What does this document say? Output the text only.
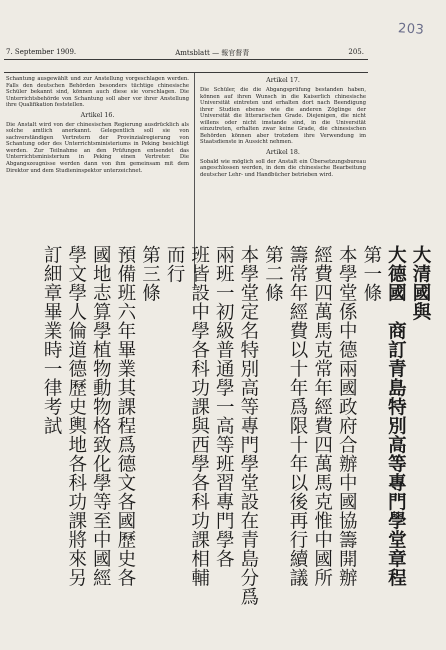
203
7. September 1909.	Amtsblatt — 報官督青	205.

Schantung ausgewählt und zur Anstellung vorgeschlagen werden. Falls den deutschen Behörden besonders tüchtige chinesische Schüler bekannt sind, können auch diese sie vorschlagen. Die Unterrichtsbehörde von Schantung soll aber vor ihrer Anstellung ihre Qualifikation feststellen.

Artikel 16.

Die Anstalt wird von der chinesischen Regierung ausdrücklich als solche amtlich anerkannt. Gelegentlich soll sie von sachverständigen Vertretern der Provinzialregierung von Schantung oder des Unterrichtsministeriums in Peking besichtigt werden. Zur Teilnahme an den Prüfungen entsendet das Unterrichtsministerium in Peking einen Vertreter. Die Abgangszeugnisse werden dann von ihm gemeinsam mit dem Direktor und dem Studieninspektor unterzeichnet.

Artikel 17.

Die Schüler, die die Abgangsprüfung bestanden haben, können auf ihren Wunsch in die Kaiserlich chinesische Universität eintreten und erhalten dort nach Beendigung ihrer Studien ebenso wie die anderen Zöglinge der Universität die litterarischen Grade. Diejenigen, die nicht willens oder nicht imstande sind, in die Universität einzutreten, erhalten zwar keine Grade, die chinesischen Behörden können aber trotzdem ihre Verwendung im Staatsdienste in Aussicht nehmen.

Artikel 18.

Sobald wie möglich soll der Anstalt ein Übersetzungsbureau angeschlossen werden, in dem die chinesische Bearbeitung deutscher Lehr- und Handbücher betrieben wird.

大清國與
大德國　商訂青島特別高等專門學堂章程
第一條
本學堂係中德兩國政府合辦中國協籌開辦
經費四萬馬克常年經費四萬馬克惟中國所
籌常年經費以十年爲限十年以後再行續議
第二條
本學堂定名特別高等專門學堂設在青島分爲
兩班一初級普通學一高等班習專門學各
班皆設中學各科功課與西學各科功課相輔
而行
第三條
預備班六年畢業其課程爲德文各國歷史各
國地志算學植物動物格致化學等至中國經
學文學人倫道德歷史輿地各科功課將來另
訂細章畢業時一律考試
